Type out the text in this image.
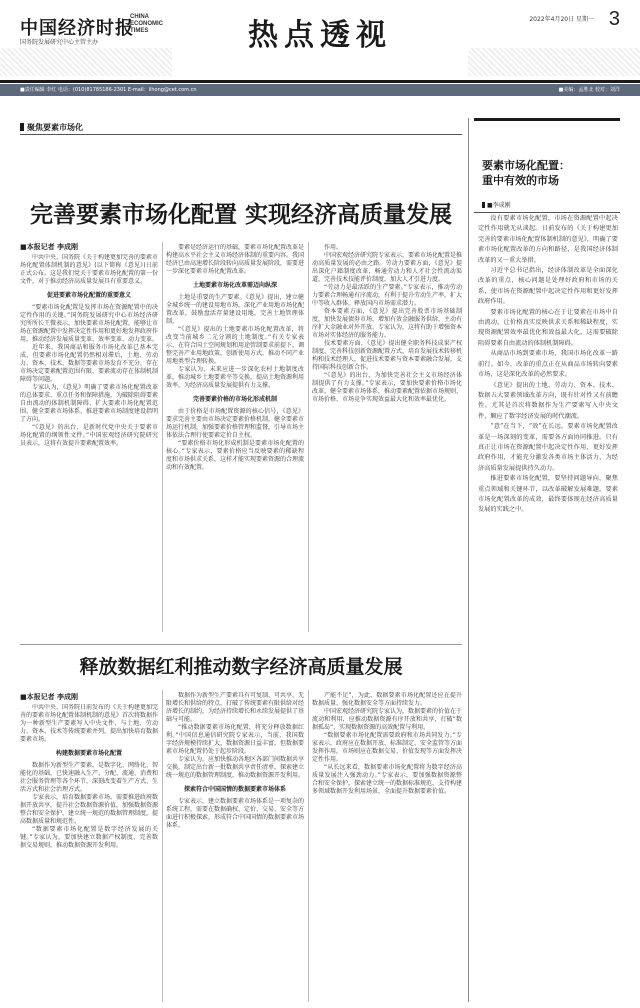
中国经济时报
CHINA
ECONOMIC
TIMES
国务院发展研究中心主管主办	热点透视	2022年4月20日 星期一 3
■责任编辑 李红 电话：(010)81785186-2301 E-mail：lihong@cet.com.cn	■美编：孟胜北 校对：刘洋
聚焦要素市场化
完善要素市场化配置 实现经济高质量发展
■本报记者 李成刚
中共中央、国务院《关于构建更加完善的要素市场化配置体制机制的意见》(以下简称《意见》)日前正式公布。这是我们党关于要素市场化配置的第一份文件，对于推动经济高质量发展具有重要意义。
促进要素市场化配置的重要意义
“要素市场化配置是发挥市场在资源配置中的决定性作用的关键。”国务院发展研究中心市场经济研究所所长王微表示，加快要素市场化配置，能够让市场在资源配置中发挥决定性作用和更好地发挥政府作用，推动经济发展质量变革、效率变革、动力变革。
近年来，我国商品和服务市场化改革已基本完成，但要素市场化配置仍然相对滞后，土地、劳动力、资本、技术、数据等要素市场发育不充分，存在市场决定要素配置范围有限、要素流动存在体制机制障碍等问题。
专家认为，《意见》明确了要素市场化配置改革的总体要求、重点任务和保障措施，为破除阻碍要素自由流动的体制机制障碍、扩大要素市场化配置范围、健全要素市场体系、推进要素市场制度建设指明了方向。
“《意见》的出台，是新时代党中央关于要素市场化配置的纲领性文件。”中国宏观经济研究院研究员表示，这将有效提升要素配置效率。
要素是经济运行的基础，要素市场化配置改革是构建高水平社会主义市场经济体制的重要内容。我国经济已由高速增长阶段转向高质量发展阶段，需要进一步深化要素市场化配置改革。
土地要素市场化改革需迈向纵深
土地是重要的生产要素。《意见》提出，建立健全城乡统一的建设用地市场，深化产业用地市场化配置改革，鼓励盘活存量建设用地，完善土地管理体制。
“《意见》提出的土地要素市场化配置改革，将改变当前城乡二元分割的土地制度。”有关专家表示，在符合国土空间规划和用途管制要求前提下，调整完善产业用地政策，创新使用方式，推动不同产业用地类型合理转换。
专家认为，未来应进一步深化农村土地制度改革，推动城乡土地要素平等交换，提高土地资源利用效率，为经济高质量发展提供有力支撑。
完善要素价格的市场化形成机制
由于价格是市场配置资源的核心信号，《意见》要求完善主要由市场决定要素价格机制，健全要素市场运行机制，加强要素价格管理和监督，引导市场主体依法合理行使要素定价自主权。
“要素价格市场化形成机制是要素市场化配置的核心。”专家表示，要素价格应当反映要素的稀缺程度和市场供求关系，这样才能实现要素资源的合理流动和有效配置。
作用。
中国宏观经济研究院专家表示，要素市场化配置是推动高质量发展的必由之路。劳动力要素方面，《意见》提出深化户籍制度改革，畅通劳动力和人才社会性流动渠道，完善技术技能评价制度，加大人才引进力度。
“劳动力是最活跃的生产要素。”专家表示，推动劳动力要素合理畅通有序流动，有利于提升劳动生产率，扩大中等收入群体，释放国内市场需求潜力。
资本要素方面，《意见》提出完善股票市场基础制度，加快发展债券市场，增加有效金融服务供给，主动有序扩大金融业对外开放。专家认为，这将有助于增强资本市场对实体经济的服务能力。
技术要素方面，《意见》提出健全职务科技成果产权制度，完善科技创新资源配置方式，培育发展技术转移机构和技术经理人，促进技术要素与资本要素融合发展，支持国际科技创新合作。
“《意见》的出台，为加快完善社会主义市场经济体制提供了有力支撑。”专家表示，要加快要素价格市场化改革，健全要素市场体系，推动要素配置依据市场规则、市场价格、市场竞争实现效益最大化和效率最优化。
释放数据红利推动数字经济高质量发展
■本报记者 李成刚
中共中央、国务院日前发布的《关于构建更加完善的要素市场化配置体制机制的意见》首次将数据作为一种新型生产要素写入中央文件，与土地、劳动力、资本、技术等传统要素并列，提出加快培育数据要素市场。
构建数据要素市场化配置
数据作为新型生产要素，是数字化、网络化、智能化的基础，已快速融入生产、分配、流通、消费和社会服务管理等各个环节，深刻改变着生产方式、生活方式和社会治理方式。
专家表示，培育数据要素市场，需要推进政府数据开放共享，提升社会数据资源价值，加强数据资源整合和安全保护，建立统一规范的数据管理制度，提高数据质量和规范性。
“数据要素市场化配置是数字经济发展的关键。”专家认为，要加快建立数据产权制度，完善数据交易规则，推动数据资源开发利用。
数据作为新型生产要素具有可复制、可共享、无限增长和供给的特点，打破了传统要素有限供给对经济增长的制约，为经济持续增长和永续发展提供了基础与可能。
“推动数据要素市场化配置，将充分释放数据红利。”中国信息通信研究院专家表示，当前，我国数字经济规模持续扩大，数据资源日益丰富，但数据要素市场化配置仍处于起步阶段。
专家认为，应加快推动各地区各部门间数据共享交换，制定出台新一批数据共享责任清单，探索建立统一规范的数据管理制度，推动数据资源开发利用。
探索符合中国国情的数据要素市场体系
专家表示，建立数据要素市场体系是一项复杂的系统工程，需要在数据确权、定价、交易、安全等方面进行积极探索，形成符合中国国情的数据要素市场体系。
产能不足”，为此，数据要素市场化配置还应在提升数据质量、强化数据安全等方面持续发力。
中国宏观经济研究院专家认为，数据要素的价值在于流动和利用，应推动数据资源有序开放和共享，打破“数据孤岛”，实现数据资源的高效配置与利用。
“数据要素市场化配置需要政府和市场共同发力。”专家表示，政府应在数据开放、标准制定、安全监管等方面发挥作用，市场则应在数据交易、价值发现等方面发挥决定性作用。
“从长远来看，数据要素市场化配置将为数字经济高质量发展注入强劲动力。”专家表示，要加强数据资源整合和安全保护，探索建立统一的数据标准规范，支持构建多领域数据开发利用场景，全面提升数据要素价值。
要素市场化配置：
重中有效的市场
■李成刚
没有要素市场化配置，市场在资源配置中起决定性作用就无从谈起。日前发布的《关于构建更加完善的要素市场化配置体制机制的意见》，明确了要素市场化配置改革的方向和路径，是我国经济体制改革的又一重大举措。
习近平总书记指出，经济体制改革是全面深化改革的重点，核心问题是处理好政府和市场的关系，使市场在资源配置中起决定性作用和更好发挥政府作用。
要素市场化配置的核心在于让要素在市场中自由流动，让价格真实反映供求关系和稀缺程度，实现资源配置效率最优化和效益最大化。这需要破除阻碍要素自由流动的体制机制障碍。
从商品市场到要素市场，我国市场化改革一路前行。如今，改革的重点正在从商品市场转向要素市场，这是深化改革的必然要求。
《意见》提出的土地、劳动力、资本、技术、数据五大要素领域改革方向，既有针对性又有前瞻性。尤其是首次将数据作为生产要素写入中央文件，顺应了数字经济发展的时代潮流。
“意”在当下，“效”在长远。要素市场化配置改革是一场深刻的变革，需要各方面协同推进。只有真正让市场在资源配置中起决定性作用，更好发挥政府作用，才能充分激发各类市场主体活力，为经济高质量发展提供持久动力。
推进要素市场化配置，要坚持问题导向，聚焦重点领域和关键环节，以改革破解发展难题。要素市场化配置改革的成效，最终要体现在经济高质量发展的实践之中。
